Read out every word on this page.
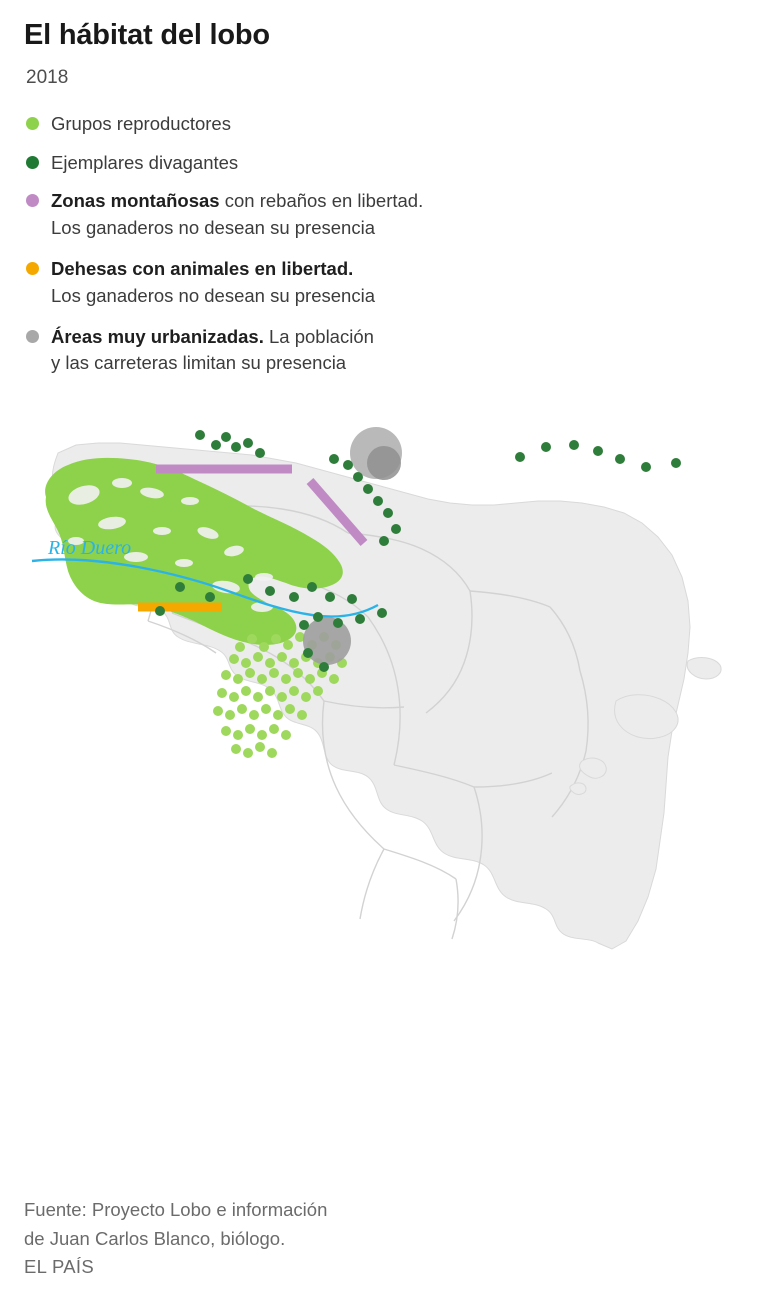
El hábitat del lobo
2018
Grupos reproductores
Ejemplares divagantes
Zonas montañosas con rebaños en libertad.
Los ganaderos no desean su presencia
Dehesas con animales en libertad.
Los ganaderos no desean su presencia
Áreas muy urbanizadas. La población
y las carreteras limitan su presencia
Río Duero
Fuente: Proyecto Lobo e información
de Juan Carlos Blanco, biólogo.
EL PAÍS
